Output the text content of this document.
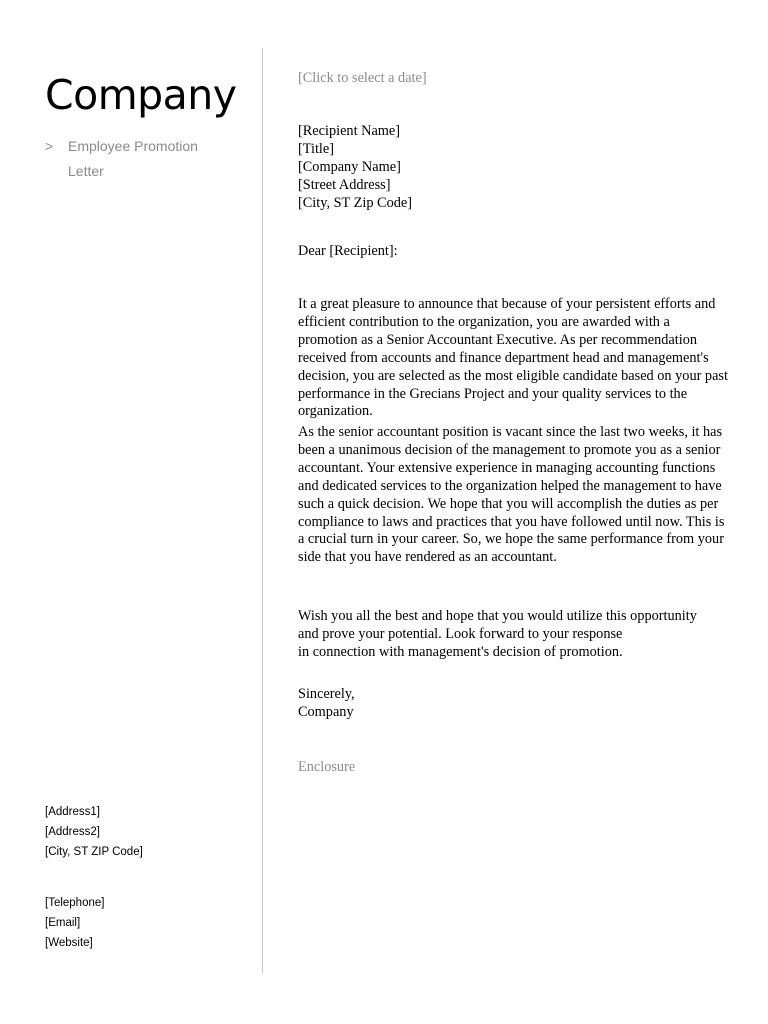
Company
> Employee Promotion Letter
[Address1]
[Address2]
[City, ST ZIP Code]
[Telephone]
[Email]
[Website]
[Click to select a date]
[Recipient Name]
[Title]
[Company Name]
[Street Address]
[City, ST Zip Code]
Dear [Recipient]:

It a great pleasure to announce that because of your persistent efforts and efficient contribution to the organization, you are awarded with a promotion as a Senior Accountant Executive. As per recommendation received from accounts and finance department head and management's decision, you are selected as the most eligible candidate based on your past performance in the Grecians Project and your quality services to the organization.

As the senior accountant position is vacant since the last two weeks, it has been a unanimous decision of the management to promote you as a senior accountant. Your extensive experience in managing accounting functions and dedicated services to the organization helped the management to have such a quick decision. We hope that you will accomplish the duties as per compliance to laws and practices that you have followed until now. This is a crucial turn in your career. So, we hope the same performance from your side that you have rendered as an accountant.

Wish you all the best and hope that you would utilize this opportunity
and prove your potential. Look forward to your response
in connection with management's decision of promotion.
Sincerely,
Company
Enclosure
